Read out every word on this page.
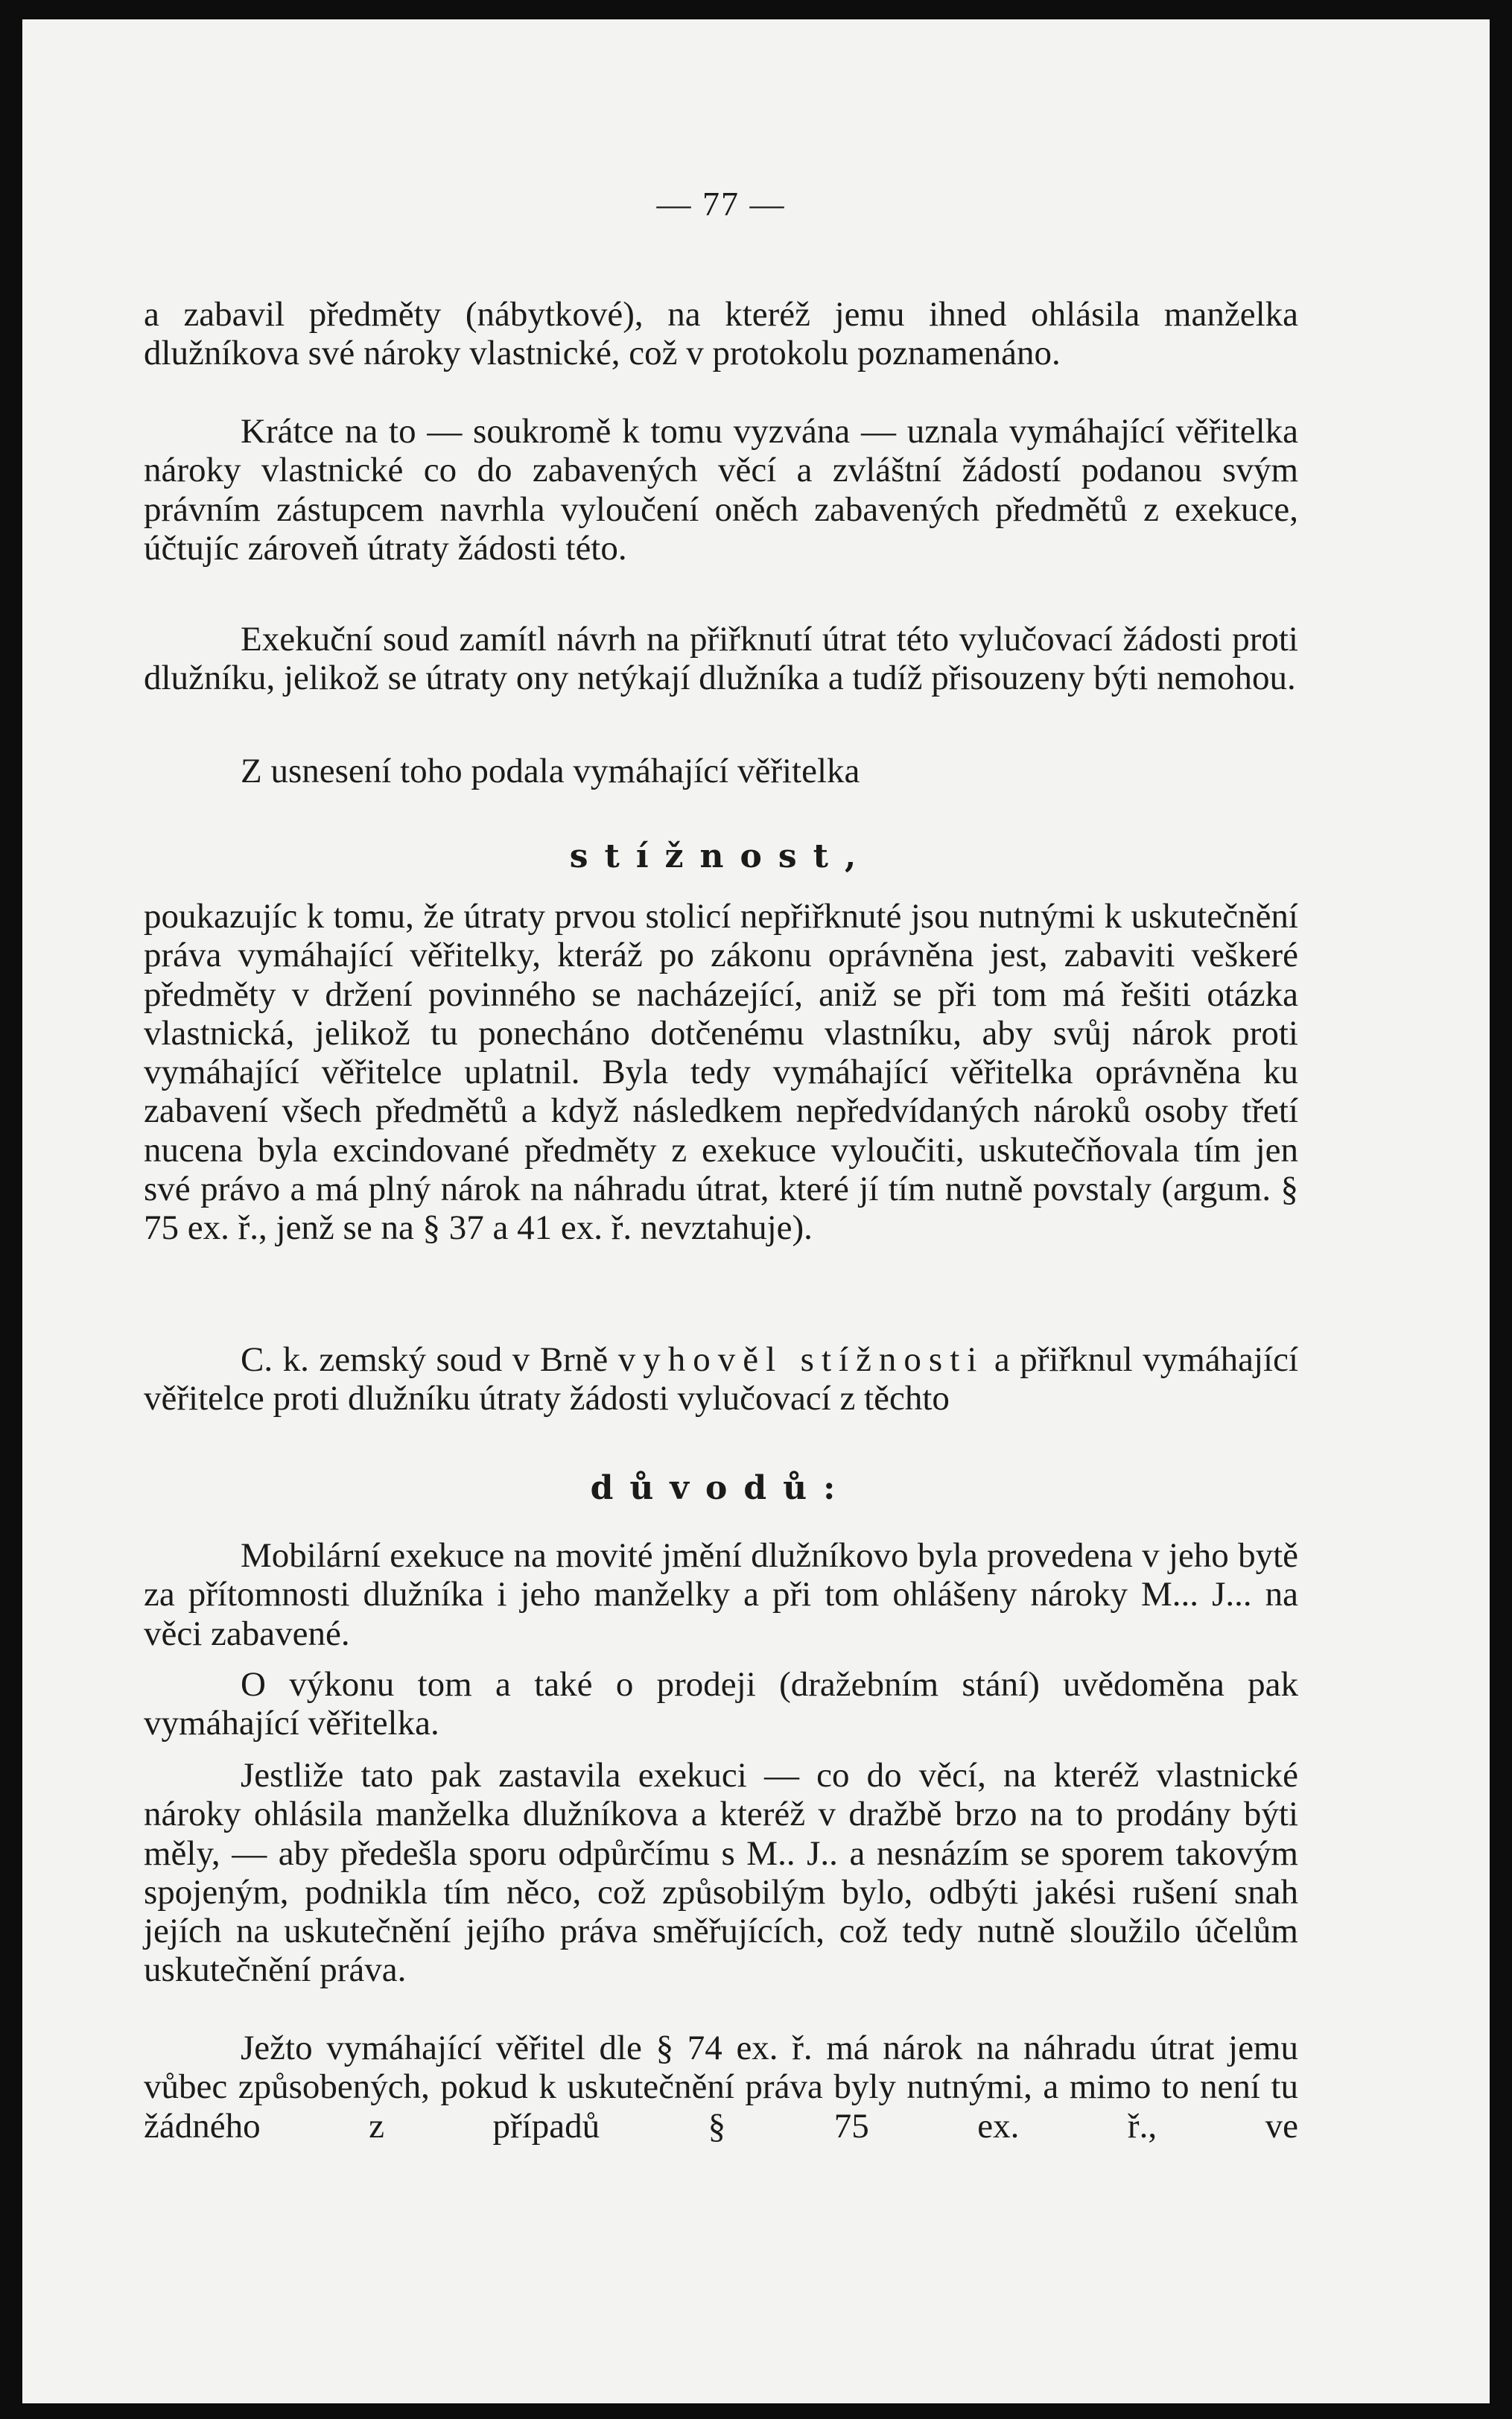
— 77 —

a zabavil předměty (nábytkové), na kteréž jemu ihned ohlásila manželka dlužníkova své nároky vlastnické, což v protokolu poznamenáno.

Krátce na to — soukromě k tomu vyzvána — uznala vymáhající věřitelka nároky vlastnické co do zabavených věcí a zvláštní žádostí podanou svým právním zástupcem navrhla vyloučení oněch zabavených předmětů z exekuce, účtujíc zároveň útraty žádosti této.

Exekuční soud zamítl návrh na přiřknutí útrat této vylučovací žádosti proti dlužníku, jelikož se útraty ony netýkají dlužníka a tudíž přisouzeny býti nemohou.

Z usnesení toho podala vymáhající věřitelka

stížnost,

poukazujíc k tomu, že útraty prvou stolicí nepřiřknuté jsou nutnými k uskutečnění práva vymáhající věřitelky, kteráž po zákonu oprávněna jest, zabaviti veškeré předměty v držení povinného se nacházející, aniž se při tom má řešiti otázka vlastnická, jelikož tu ponecháno dotčenému vlastníku, aby svůj nárok proti vymáhající věřitelce uplatnil. Byla tedy vymáhající věřitelka oprávněna ku zabavení všech předmětů a když následkem nepředvídaných nároků osoby třetí nucena byla excindované předměty z exekuce vyloučiti, uskutečňovala tím jen své právo a má plný nárok na náhradu útrat, které jí tím nutně povstaly (argum. § 75 ex. ř., jenž se na § 37 a 41 ex. ř. nevztahuje).

C. k. zemský soud v Brně vyhověl stížnosti a přiřknul vymáhající věřitelce proti dlužníku útraty žádosti vylučovací z těchto

důvodů:

Mobilární exekuce na movité jmění dlužníkovo byla provedena v jeho bytě za přítomnosti dlužníka i jeho manželky a při tom ohlášeny nároky M... J... na věci zabavené.

O výkonu tom a také o prodeji (dražebním stání) uvědoměna pak vymáhající věřitelka.

Jestliže tato pak zastavila exekuci — co do věcí, na kteréž vlastnické nároky ohlásila manželka dlužníkova a kteréž v dražbě brzo na to prodány býti měly, — aby předešla sporu odpůrčímu s M.. J.. a nesnázím se sporem takovým spojeným, podnikla tím něco, což způsobilým bylo, odbýti jakési rušení snah jejích na uskutečnění jejího práva směřujících, což tedy nutně sloužilo účelům uskutečnění práva.

Ježto vymáhající věřitel dle § 74 ex. ř. má nárok na náhradu útrat jemu vůbec způsobených, pokud k uskutečnění práva byly nutnými, a mimo to není tu žádného z případů § 75 ex. ř., ve
